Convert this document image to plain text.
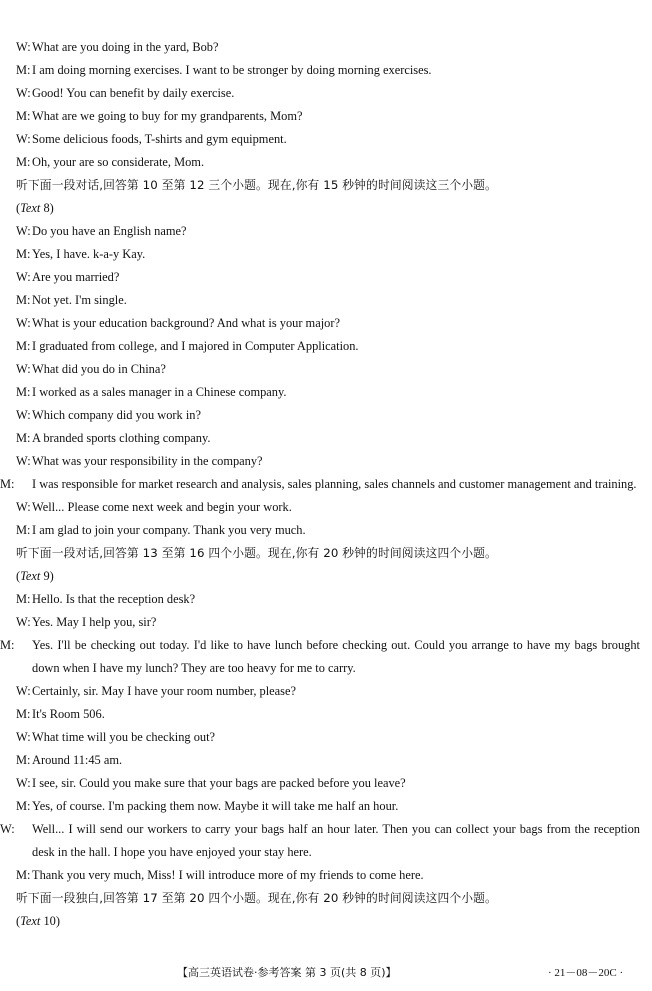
W:What are you doing in the yard, Bob?

M: I am doing morning exercises. I want to be stronger by doing morning exercises.

W:Good! You can benefit by daily exercise.

M: What are we going to buy for my grandparents, Mom?

W:Some delicious foods, T-shirts and gym equipment.

M: Oh, your are so considerate, Mom.

听下面一段对话,回答第 10 至第 12 三个小题。现在,你有 15 秒钟的时间阅读这三个小题。

(Text 8)

W:Do you have an English name?

M: Yes, I have. k-a-y Kay.

W:Are you married?

M: Not yet. I'm single.

W:What is your education background? And what is your major?

M: I graduated from college, and I majored in Computer Application.

W:What did you do in China?

M: I worked as a sales manager in a Chinese company.

W:Which company did you work in?

M: A branded sports clothing company.

W:What was your responsibility in the company?

M: I was responsible for market research and analysis, sales planning, sales channels and customer management and training.

W:Well... Please come next week and begin your work.

M: I am glad to join your company. Thank you very much.

听下面一段对话,回答第 13 至第 16 四个小题。现在,你有 20 秒钟的时间阅读这四个小题。

(Text 9)

M: Hello. Is that the reception desk?

W:Yes. May I help you, sir?

M: Yes. I'll be checking out today. I'd like to have lunch before checking out. Could you arrange to have my bags brought down when I have my lunch? They are too heavy for me to carry.

W:Certainly, sir. May I have your room number, please?

M: It's Room 506.

W:What time will you be checking out?

M: Around 11:45 am.

W:I see, sir. Could you make sure that your bags are packed before you leave?

M: Yes, of course. I'm packing them now. Maybe it will take me half an hour.

W: Well... I will send our workers to carry your bags half an hour later. Then you can collect your bags from the reception desk in the hall. I hope you have enjoyed your stay here.

M: Thank you very much, Miss! I will introduce more of my friends to come here.

听下面一段独白,回答第 17 至第 20 四个小题。现在,你有 20 秒钟的时间阅读这四个小题。

(Text 10)

【高三英语试卷·参考答案 第 3 页(共 8 页)】	· 21－08－20C ·
